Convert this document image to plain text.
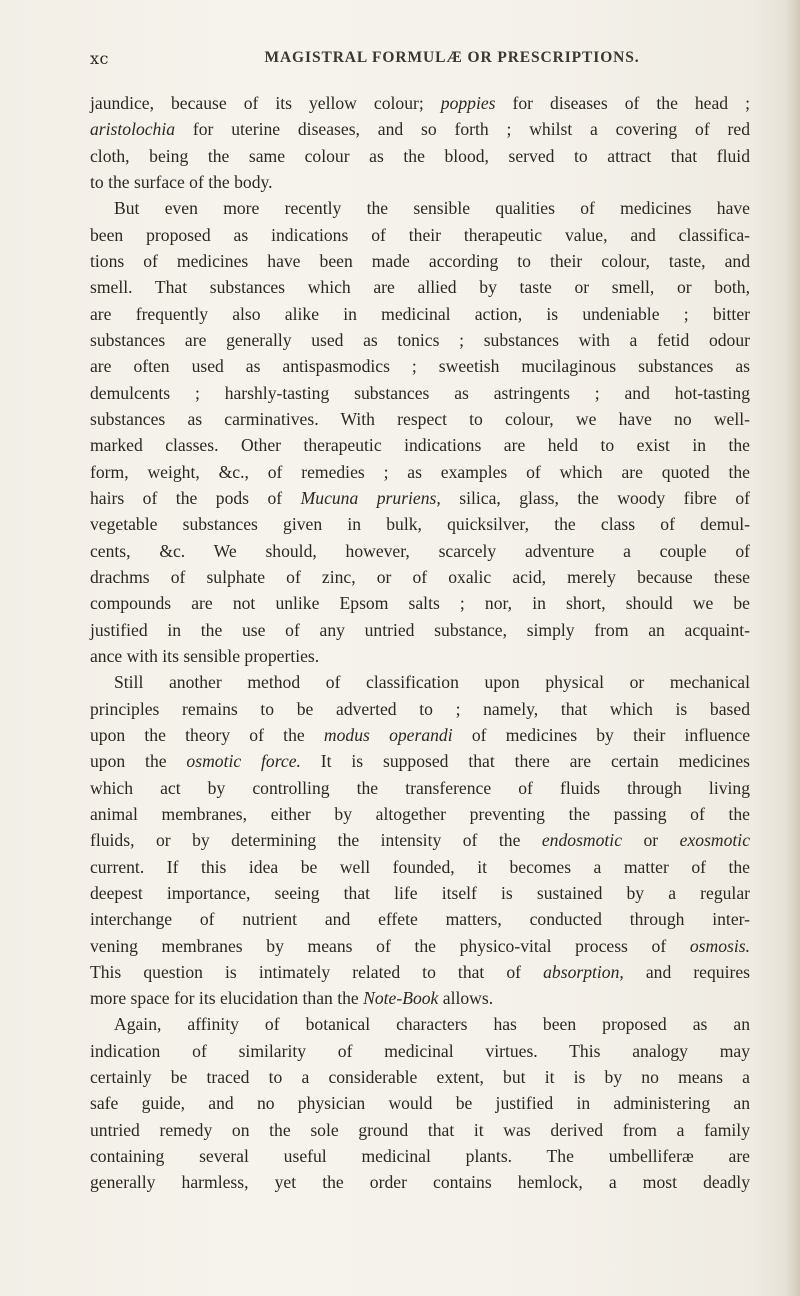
xc	MAGISTRAL FORMULÆ OR PRESCRIPTIONS.
jaundice, because of its yellow colour; poppies for diseases of the head ;
aristolochia for uterine diseases, and so forth ; whilst a covering of red
cloth, being the same colour as the blood, served to attract that fluid
to the surface of the body.
But even more recently the sensible qualities of medicines have
been proposed as indications of their therapeutic value, and classifica-
tions of medicines have been made according to their colour, taste, and
smell. That substances which are allied by taste or smell, or both,
are frequently also alike in medicinal action, is undeniable ; bitter
substances are generally used as tonics ; substances with a fetid odour
are often used as antispasmodics ; sweetish mucilaginous substances as
demulcents ; harshly-tasting substances as astringents ; and hot-tasting
substances as carminatives. With respect to colour, we have no well-
marked classes. Other therapeutic indications are held to exist in the
form, weight, &c., of remedies ; as examples of which are quoted the
hairs of the pods of Mucuna pruriens, silica, glass, the woody fibre of
vegetable substances given in bulk, quicksilver, the class of demul-
cents, &c. We should, however, scarcely adventure a couple of
drachms of sulphate of zinc, or of oxalic acid, merely because these
compounds are not unlike Epsom salts ; nor, in short, should we be
justified in the use of any untried substance, simply from an acquaint-
ance with its sensible properties.
Still another method of classification upon physical or mechanical
principles remains to be adverted to ; namely, that which is based
upon the theory of the modus operandi of medicines by their influence
upon the osmotic force. It is supposed that there are certain medicines
which act by controlling the transference of fluids through living
animal membranes, either by altogether preventing the passing of the
fluids, or by determining the intensity of the endosmotic or exosmotic
current. If this idea be well founded, it becomes a matter of the
deepest importance, seeing that life itself is sustained by a regular
interchange of nutrient and effete matters, conducted through inter-
vening membranes by means of the physico-vital process of osmosis.
This question is intimately related to that of absorption, and requires
more space for its elucidation than the Note-Book allows.
Again, affinity of botanical characters has been proposed as an
indication of similarity of medicinal virtues. This analogy may
certainly be traced to a considerable extent, but it is by no means a
safe guide, and no physician would be justified in administering an
untried remedy on the sole ground that it was derived from a family
containing several useful medicinal plants. The umbelliferæ are
generally harmless, yet the order contains hemlock, a most deadly
